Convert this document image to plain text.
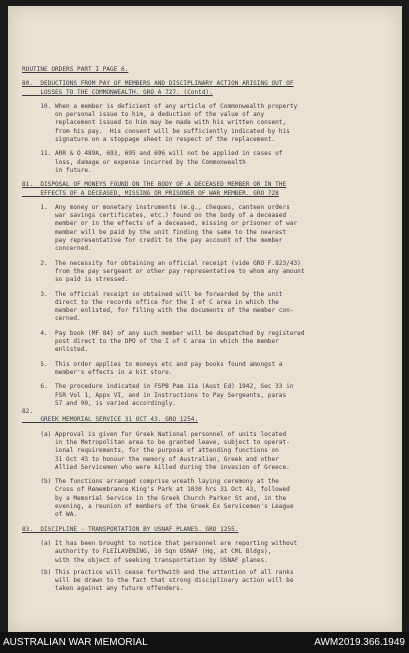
ROUTINE ORDERS PART I PAGE 6.
80.  DEDUCTIONS FROM PAY OF MEMBERS AND DISCIPLINARY ACTION ARISING OUT OF
LOSSES TO THE COMMONWEALTH. GRO A 727. (Contd).
10. When a member is deficient of any article of Commonwealth property
on personal issue to him, a deduction of the value of any
replacement issued to him may be made with his written consent,
from his pay.  His consent will be sufficiently indicated by his
signature on a stoppage sheet in respect of the replacement.
11. ARR & O 489A, 693, 695 and 696 will not be applied in cases of
loss, damage or expense incurred by the Commonwealth
in future.
81.  DISPOSAL OF MONEYS FOUND ON THE BODY OF A DECEASED MEMBER OR IN THE
EFFECTS OF A DECEASED, MISSING OR PRISONER OF WAR MEMBER. GRO 728
1.  Any money or monetary instruments (e.g., cheques, canteen orders
war savings certificates, etc.) found on the body of a deceased
member or in the effects of a deceased, missing or prisoner of war
member will be paid by the unit finding the same to the nearest
pay representative for credit to the pay account of the member
concerned.
2.  The necessity for obtaining an official receipt (vide GRO F.823/43)
from the pay sergeant or other pay representative to whom any amount
so paid is stressed.
3.  The official receipt so obtained will be forwarded by the unit
direct to the records office for the I of C area in which the
member enlisted, for filing with the documents of the member con-
cerned.
4.  Pay book (MF 84) of any such member will be despatched by registered
post direct to the DPO of the I of C area in which the member
enlisted.
5.  This order applies to moneys etc and pay books found amongst a
member's effects in a kit store.
6.  The procedure indicated in FSPB Pam 11a (Aust Ed) 1942, Sec 33 in
FSR Vol 1, Appx VI, and in Instructions to Pay Sergeants, paras
57 and 90, is varied accordingly.
82.
GREEK MEMORIAL SERVICE 31 OCT 43. GRO 1254.
(a) Approval is given for Greek National personnel of units located
in the Metropolitan area to be granted leave, subject to operat-
ional requirements, for the purpose of attending functions on
31 Oct 43 to honour the memory of Australian, Greek and other
Allied Servicemen who were killed during the invasion of Greece.
(b) The functions arranged comprise wreath laying ceremony at the
Cross of Remembrance King's Park at 1030 hrs 31 Oct 43, followed
by a Memorial Service in the Greek Church Parker St and, in the
evening, a reunion of members of the Greek Ex Servicemen's League
of WA.
83.  DISCIPLINE - TRANSPORTATION BY USNAF PLANES. GRO 1255.
(a) It has been brought to notice that personnel are reporting without
authority to FLEILAVENING, 10 Sqn USNAF (Hq, at CML Bldgs),
with the object of seeking transportation by USNAF planes.
(b) This practice will cease forthwith and the attention of all ranks
will be drawn to the fact that strong disciplinary action will be
taken against any future offenders.
AUSTRALIAN WAR MEMORIAL	AWM2019.366.1949
